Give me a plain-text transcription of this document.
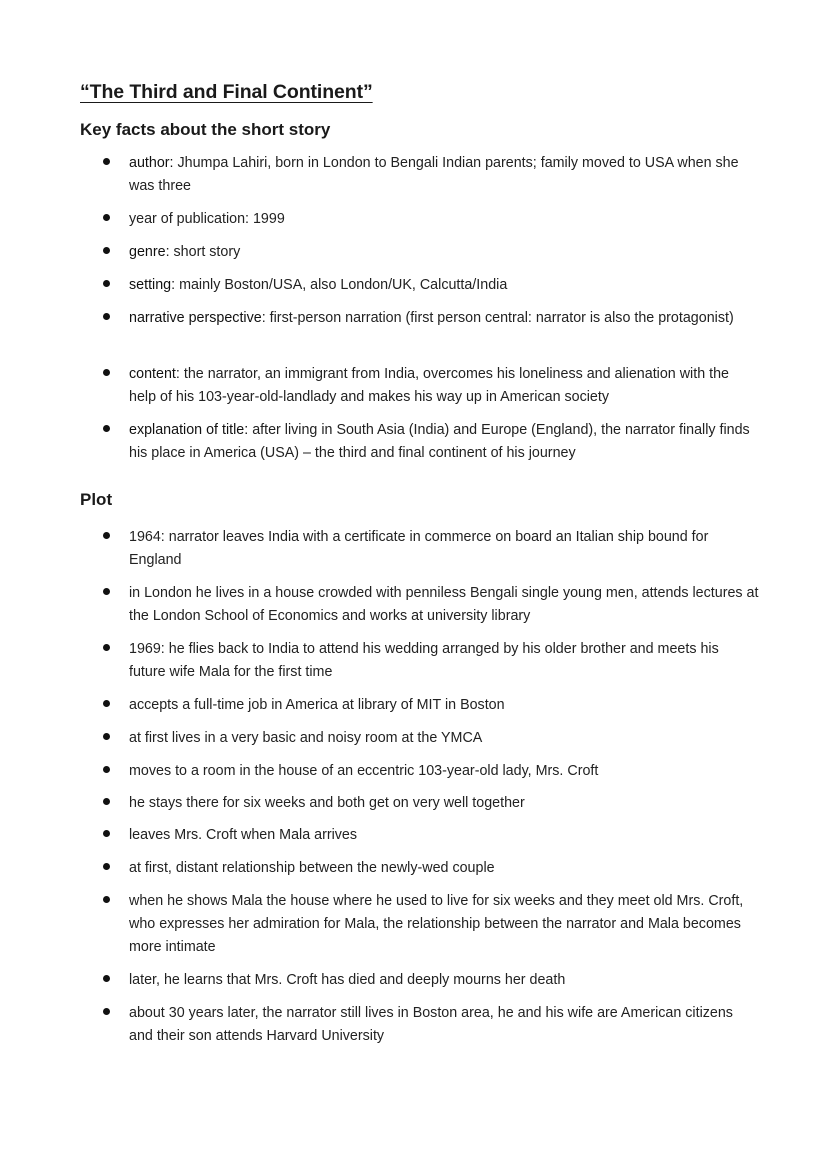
“The Third and Final Continent”
Key facts about the short story
author: Jhumpa Lahiri, born in London to Bengali Indian parents; family moved to USA when she was three
year of publication: 1999
genre: short story
setting: mainly Boston/USA, also London/UK, Calcutta/India
narrative perspective: first-person narration (first person central: narrator is also the protagonist)
content: the narrator, an immigrant from India, overcomes his loneliness and alienation with the help of his 103-year-old-landlady and makes his way up in American society
explanation of title: after living in South Asia (India) and Europe (England), the narrator finally finds his place in America (USA) – the third and final continent of his journey
Plot
1964: narrator leaves India with a certificate in commerce on board an Italian ship bound for England
in London he lives in a house crowded with penniless Bengali single young men, attends lectures at the London School of Economics and works at university library
1969: he flies back to India to attend his wedding arranged by his older brother and meets his future wife Mala for the first time
accepts a full-time job in America at library of MIT in Boston
at first lives in a very basic and noisy room at the YMCA
moves to a room in the house of an eccentric 103-year-old lady, Mrs. Croft
he stays there for six weeks and both get on very well together
leaves Mrs. Croft when Mala arrives
at first, distant relationship between the newly-wed couple
when he shows Mala the house where he used to live for six weeks and they meet old Mrs. Croft, who expresses her admiration for Mala, the relationship between the narrator and Mala becomes more intimate
later, he learns that Mrs. Croft has died and deeply mourns her death
about 30 years later, the narrator still lives in Boston area, he and his wife are American citizens and their son attends Harvard University
